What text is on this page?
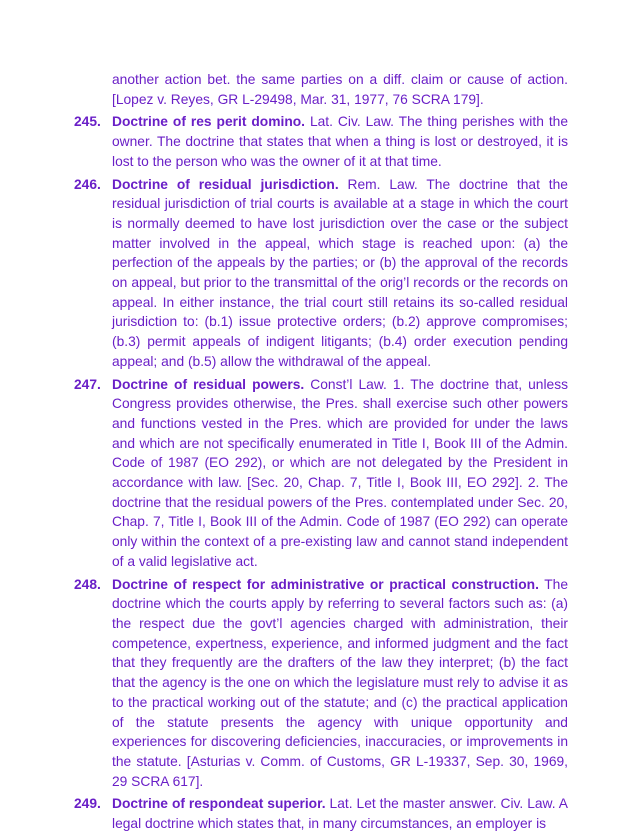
another action bet. the same parties on a diff. claim or cause of action. [Lopez v. Reyes, GR L-29498, Mar. 31, 1977, 76 SCRA 179].
245. Doctrine of res perit domino. Lat. Civ. Law. The thing perishes with the owner. The doctrine that states that when a thing is lost or destroyed, it is lost to the person who was the owner of it at that time.
246. Doctrine of residual jurisdiction. Rem. Law. The doctrine that the residual jurisdiction of trial courts is available at a stage in which the court is normally deemed to have lost jurisdiction over the case or the subject matter involved in the appeal, which stage is reached upon: (a) the perfection of the appeals by the parties; or (b) the approval of the records on appeal, but prior to the transmittal of the orig’l records or the records on appeal. In either instance, the trial court still retains its so-called residual jurisdiction to: (b.1) issue protective orders; (b.2) approve compromises; (b.3) permit appeals of indigent litigants; (b.4) order execution pending appeal; and (b.5) allow the withdrawal of the appeal.
247. Doctrine of residual powers. Const’l Law. 1. The doctrine that, unless Congress provides otherwise, the Pres. shall exercise such other powers and functions vested in the Pres. which are provided for under the laws and which are not specifically enumerated in Title I, Book III of the Admin. Code of 1987 (EO 292), or which are not delegated by the President in accordance with law. [Sec. 20, Chap. 7, Title I, Book III, EO 292]. 2. The doctrine that the residual powers of the Pres. contemplated under Sec. 20, Chap. 7, Title I, Book III of the Admin. Code of 1987 (EO 292) can operate only within the context of a pre-existing law and cannot stand independent of a valid legislative act.
248. Doctrine of respect for administrative or practical construction. The doctrine which the courts apply by referring to several factors such as: (a) the respect due the govt’l agencies charged with administration, their competence, expertness, experience, and informed judgment and the fact that they frequently are the drafters of the law they interpret; (b) the fact that the agency is the one on which the legislature must rely to advise it as to the practical working out of the statute; and (c) the practical application of the statute presents the agency with unique opportunity and experiences for discovering deficiencies, inaccuracies, or improvements in the statute. [Asturias v. Comm. of Customs, GR L-19337, Sep. 30, 1969, 29 SCRA 617].
249. Doctrine of respondeat superior. Lat. Let the master answer. Civ. Law. A legal doctrine which states that, in many circumstances, an employer is
